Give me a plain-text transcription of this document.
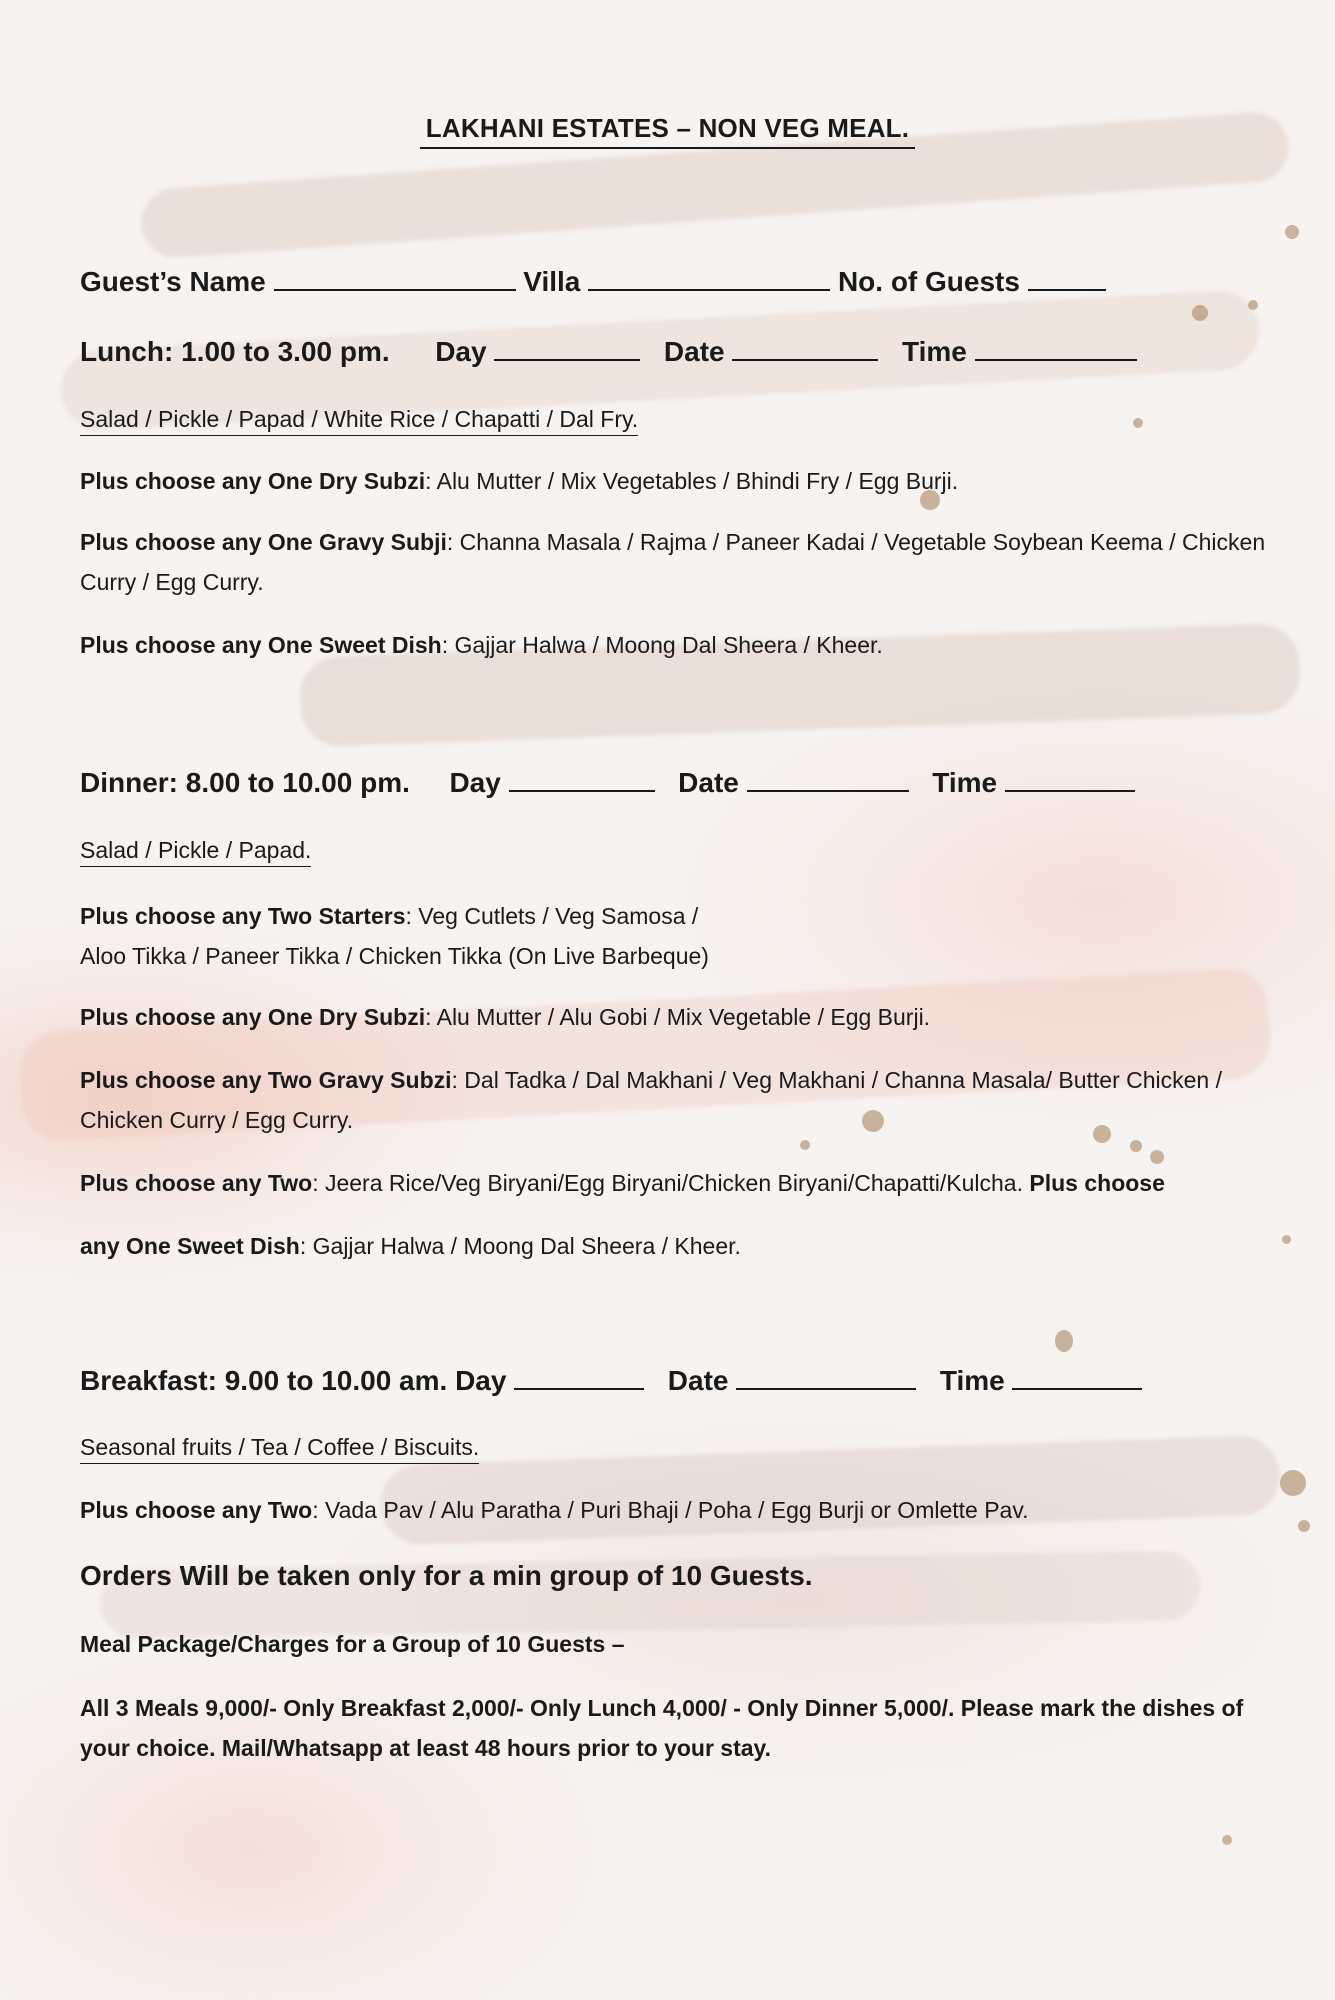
LAKHANI ESTATES – NON VEG MEAL.
Guest’s Name	Villa	No. of Guests
Lunch: 1.00 to 3.00 pm. Day	Date	Time
Salad / Pickle / Papad / White Rice / Chapatti / Dal Fry.
Plus choose any One Dry Subzi: Alu Mutter / Mix Vegetables / Bhindi Fry / Egg Burji.
Plus choose any One Gravy Subji: Channa Masala / Rajma / Paneer Kadai / Vegetable Soybean Keema / Chicken Curry / Egg Curry.
Plus choose any One Sweet Dish: Gajjar Halwa / Moong Dal Sheera / Kheer.
Dinner: 8.00 to 10.00 pm. Day	Date	Time
Salad / Pickle / Papad.
Plus choose any Two Starters: Veg Cutlets / Veg Samosa /
Aloo Tikka / Paneer Tikka / Chicken Tikka (On Live Barbeque)
Plus choose any One Dry Subzi: Alu Mutter / Alu Gobi / Mix Vegetable / Egg Burji.
Plus choose any Two Gravy Subzi: Dal Tadka / Dal Makhani / Veg Makhani / Channa Masala/ Butter Chicken / Chicken Curry / Egg Curry.
Plus choose any Two: Jeera Rice/Veg Biryani/Egg Biryani/Chicken Biryani/Chapatti/Kulcha. Plus choose
any One Sweet Dish: Gajjar Halwa / Moong Dal Sheera / Kheer.
Breakfast: 9.00 to 10.00 am. Day	Date	Time
Seasonal fruits / Tea / Coffee / Biscuits.
Plus choose any Two: Vada Pav / Alu Paratha / Puri Bhaji / Poha / Egg Burji or Omlette Pav.
Orders Will be taken only for a min group of 10 Guests.
Meal Package/Charges for a Group of 10 Guests –
All 3 Meals 9,000/- Only Breakfast 2,000/- Only Lunch 4,000/ - Only Dinner 5,000/. Please mark the dishes of your choice. Mail/Whatsapp at least 48 hours prior to your stay.
